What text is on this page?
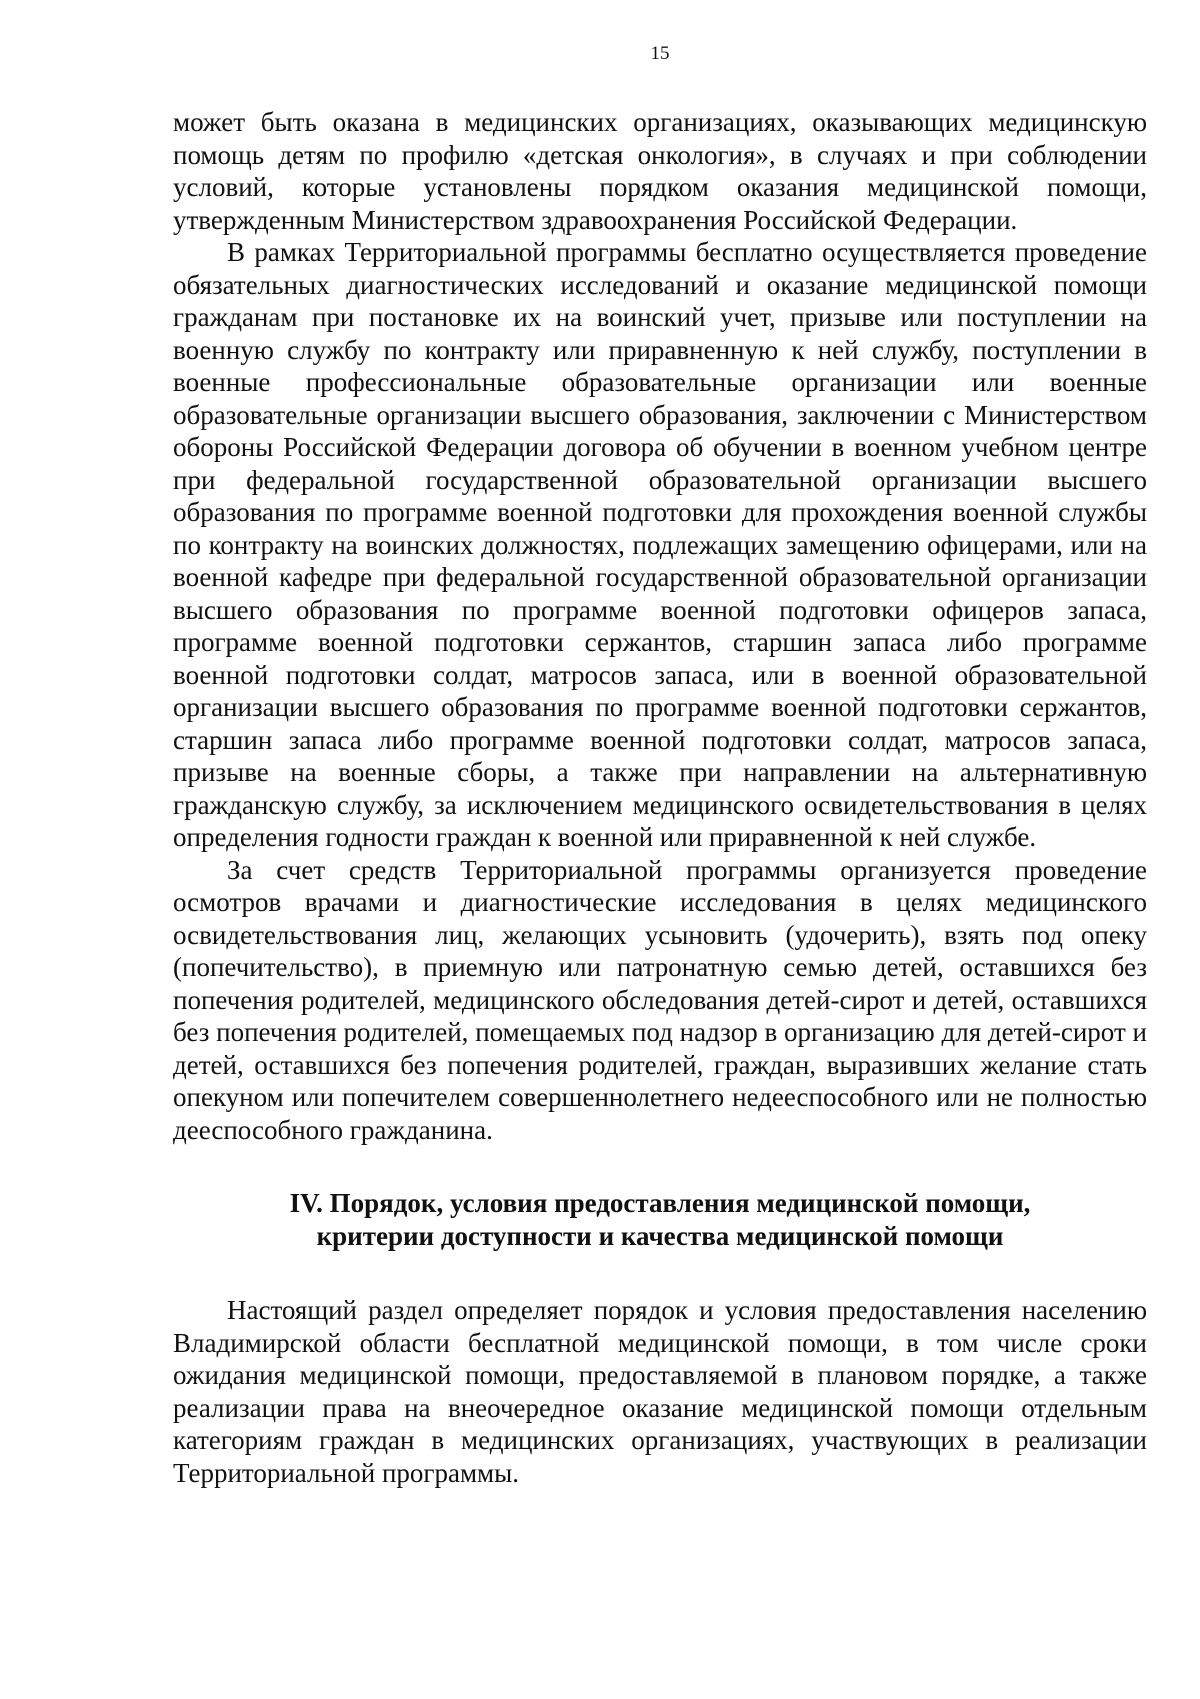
15

может быть оказана в медицинских организациях, оказывающих медицинскую помощь детям по профилю «детская онкология», в случаях и при соблюдении условий, которые установлены порядком оказания медицинской помощи, утвержденным Министерством здравоохранения Российской Федерации.

В рамках Территориальной программы бесплатно осуществляется проведение обязательных диагностических исследований и оказание медицинской помощи гражданам при постановке их на воинский учет, призыве или поступлении на военную службу по контракту или приравненную к ней службу, поступлении в военные профессиональные образовательные организации или военные образовательные организации высшего образования, заключении с Министерством обороны Российской Федерации договора об обучении в военном учебном центре при федеральной государственной образовательной организации высшего образования по программе военной подготовки для прохождения военной службы по контракту на воинских должностях, подлежащих замещению офицерами, или на военной кафедре при федеральной государственной образовательной организации высшего образования по программе военной подготовки офицеров запаса, программе военной подготовки сержантов, старшин запаса либо программе военной подготовки солдат, матросов запаса, или в военной образовательной организации высшего образования по программе военной подготовки сержантов, старшин запаса либо программе военной подготовки солдат, матросов запаса, призыве на военные сборы, а также при направлении на альтернативную гражданскую службу, за исключением медицинского освидетельствования в целях определения годности граждан к военной или приравненной к ней службе.

За счет средств Территориальной программы организуется проведение осмотров врачами и диагностические исследования в целях медицинского освидетельствования лиц, желающих усыновить (удочерить), взять под опеку (попечительство), в приемную или патронатную семью детей, оставшихся без попечения родителей, медицинского обследования детей-сирот и детей, оставшихся без попечения родителей, помещаемых под надзор в организацию для детей-сирот и детей, оставшихся без попечения родителей, граждан, выразивших желание стать опекуном или попечителем совершеннолетнего недееспособного или не полностью дееспособного гражданина.

IV. Порядок, условия предоставления медицинской помощи,
критерии доступности и качества медицинской помощи

Настоящий раздел определяет порядок и условия предоставления населению Владимирской области бесплатной медицинской помощи, в том числе сроки ожидания медицинской помощи, предоставляемой в плановом порядке, а также реализации права на внеочередное оказание медицинской помощи отдельным категориям граждан в медицинских организациях, участвующих в реализации Территориальной программы.
